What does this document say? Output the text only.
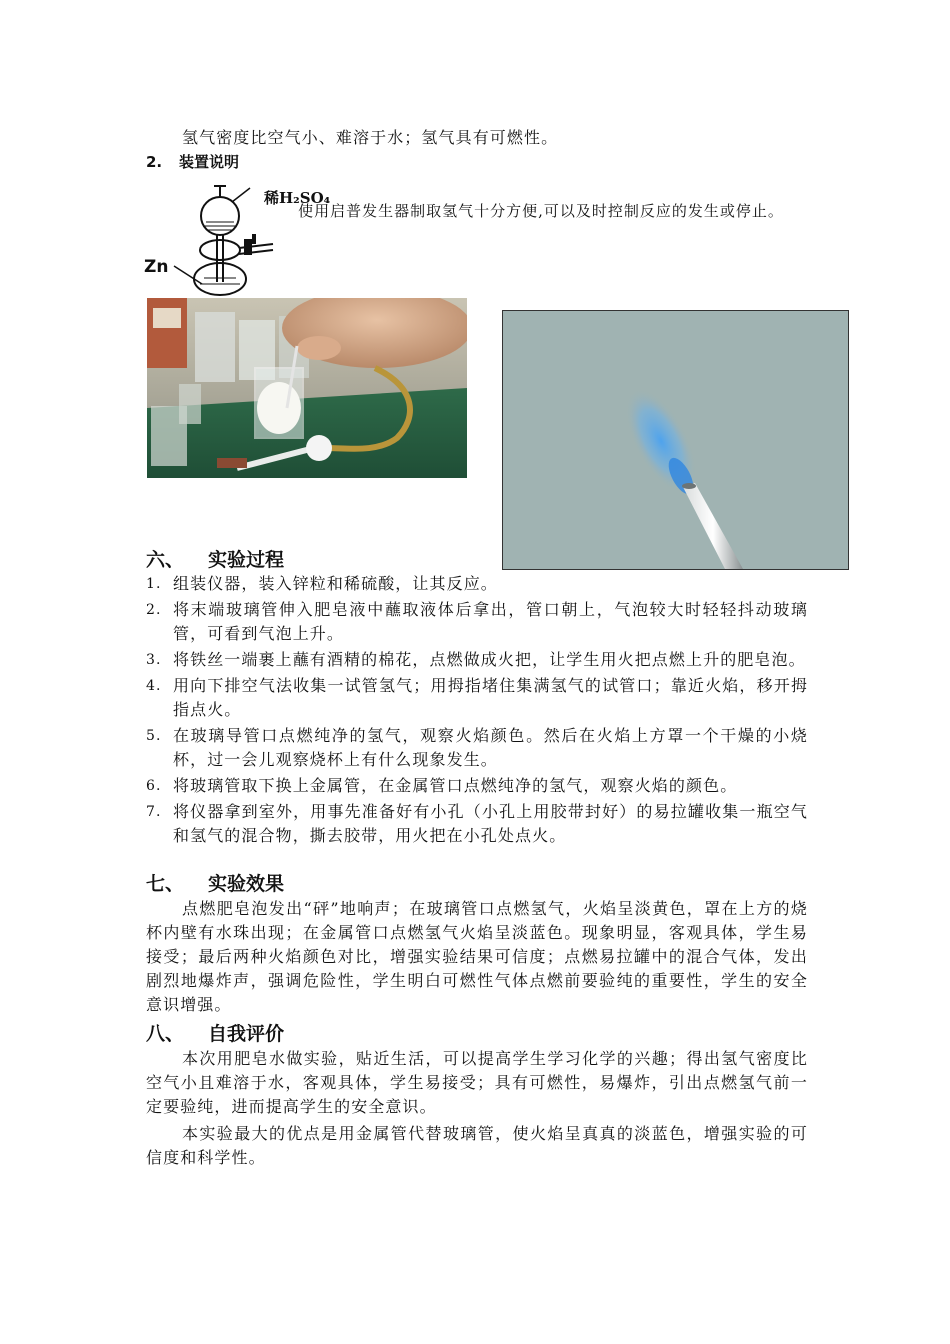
氢气密度比空气小、难溶于水；氢气具有可燃性。

2. 装置说明
稀H₂SO₄
Zn

使用启普发生器制取氢气十分方便,可以及时控制反应的发生或停止。

六、 实验过程
1. 组装仪器，装入锌粒和稀硫酸，让其反应。
2. 将末端玻璃管伸入肥皂液中蘸取液体后拿出，管口朝上，气泡较大时轻轻抖动玻璃管，可看到气泡上升。
3. 将铁丝一端裹上蘸有酒精的棉花，点燃做成火把，让学生用火把点燃上升的肥皂泡。
4. 用向下排空气法收集一试管氢气；用拇指堵住集满氢气的试管口；靠近火焰，移开拇指点火。
5. 在玻璃导管口点燃纯净的氢气，观察火焰颜色。然后在火焰上方罩一个干燥的小烧杯，过一会儿观察烧杯上有什么现象发生。
6. 将玻璃管取下换上金属管，在金属管口点燃纯净的氢气，观察火焰的颜色。
7. 将仪器拿到室外，用事先准备好有小孔（小孔上用胶带封好）的易拉罐收集一瓶空气和氢气的混合物，撕去胶带，用火把在小孔处点火。
七、 实验效果

点燃肥皂泡发出“砰”地响声；在玻璃管口点燃氢气，火焰呈淡黄色，罩在上方的烧杯内壁有水珠出现；在金属管口点燃氢气火焰呈淡蓝色。现象明显，客观具体，学生易接受；最后两种火焰颜色对比，增强实验结果可信度；点燃易拉罐中的混合气体，发出剧烈地爆炸声，强调危险性，学生明白可燃性气体点燃前要验纯的重要性，学生的安全意识增强。

八、 自我评价

本次用肥皂水做实验，贴近生活，可以提高学生学习化学的兴趣；得出氢气密度比空气小且难溶于水，客观具体，学生易接受；具有可燃性，易爆炸，引出点燃氢气前一定要验纯，进而提高学生的安全意识。

本实验最大的优点是用金属管代替玻璃管，使火焰呈真真的淡蓝色，增强实验的可信度和科学性。
